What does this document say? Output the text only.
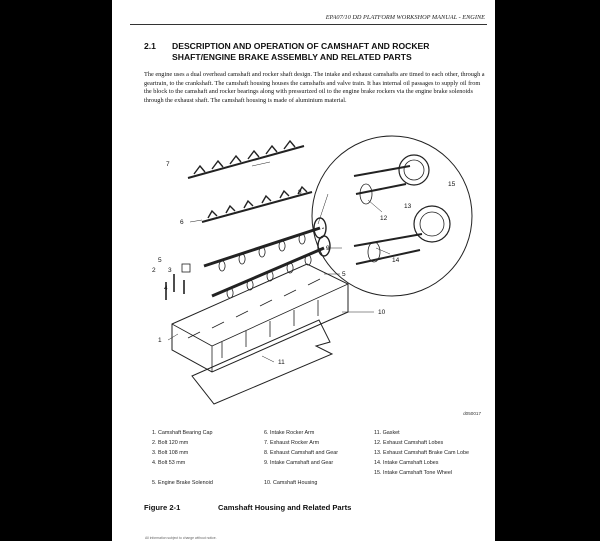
EPA07/10 DD PLATFORM WORKSHOP MANUAL - ENGINE
2.1 DESCRIPTION AND OPERATION OF CAMSHAFT AND ROCKER SHAFT/ENGINE BRAKE ASSEMBLY AND RELATED PARTS
The engine uses a dual overhead camshaft and rocker shaft design. The intake and exhaust camshafts are timed to each other, through a geartrain, to the crankshaft. The camshaft housing houses the camshafts and valve train. It has internal oil passages to supply oil from the block to the camshaft and rocker bearings along with pressurized oil to the engine brake rockers via the engine brake solenoids through the exhaust shaft. The camshaft housing is made of aluminium material.
7
8
6
9
5
2 3
4
5
10
1
11
12
13
15
14
d050017
1. Camshaft Bearing Cap
2. Bolt 120 mm
3. Bolt 108 mm
4. Bolt 53 mm
5. Engine Brake Solenoid
6. Intake Rocker Arm
7. Exhaust Rocker Arm
8. Exhaust Camshaft and Gear
9. Intake Camshaft and Gear
10. Camshaft Housing
11. Gasket
12. Exhaust Camshaft Lobes
13. Exhaust Camshaft Brake Cam Lobe
14. Intake Camshaft Lobes
15. Intake Camshaft Tone Wheel
Figure 2-1	Camshaft Housing and Related Parts
All information subject to change without notice.
